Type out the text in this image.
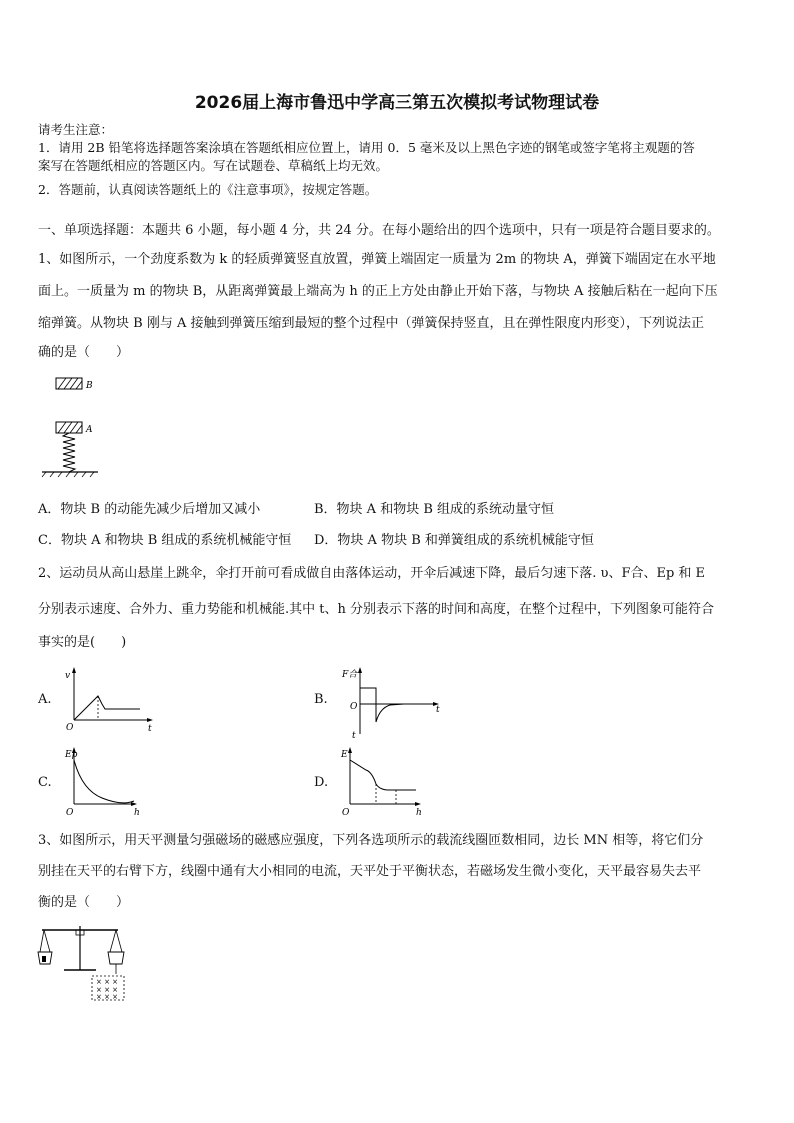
2026届上海市鲁迅中学高三第五次模拟考试物理试卷
请考生注意：
1．请用 2B 铅笔将选择题答案涂填在答题纸相应位置上，请用 0．5 毫米及以上黑色字迹的钢笔或签字笔将主观题的答
案写在答题纸相应的答题区内。写在试题卷、草稿纸上均无效。
2．答题前，认真阅读答题纸上的《注意事项》，按规定答题。
一、单项选择题：本题共 6 小题，每小题 4 分，共 24 分。在每小题给出的四个选项中，只有一项是符合题目要求的。
1、如图所示，一个劲度系数为 k 的轻质弹簧竖直放置，弹簧上端固定一质量为 2m 的物块 A，弹簧下端固定在水平地
面上。一质量为 m 的物块 B，从距离弹簧最上端高为 h 的正上方处由静止开始下落，与物块 A 接触后粘在一起向下压
缩弹簧。从物块 B 刚与 A 接触到弹簧压缩到最短的整个过程中（弹簧保持竖直，且在弹性限度内形变），下列说法正
确的是（　　）
B
A
A．物块 B 的动能先减少后增加又减小	B．物块 A 和物块 B 组成的系统动量守恒
C．物块 A 和物块 B 组成的系统机械能守恒 D．物块 A 物块 B 和弹簧组成的系统机械能守恒
2、运动员从高山悬崖上跳伞，伞打开前可看成做自由落体运动，开伞后减速下降，最后匀速下落. υ、F合、Ep 和 E
分别表示速度、合外力、重力势能和机械能.其中 t、h 分别表示下落的时间和高度，在整个过程中，下列图象可能符合
事实的是(　　)
A.	B.
C.	D.
v
t
O
F合
t
O
t
Ep
h
O
E
h
O
3、如图所示，用天平测量匀强磁场的磁感应强度，下列各选项所示的载流线圈匝数相同，边长 MN 相等，将它们分
别挂在天平的右臂下方，线圈中通有大小相同的电流，天平处于平衡状态，若磁场发生微小变化，天平最容易失去平
衡的是（　　）
× × ×
× × ×
× × ×
